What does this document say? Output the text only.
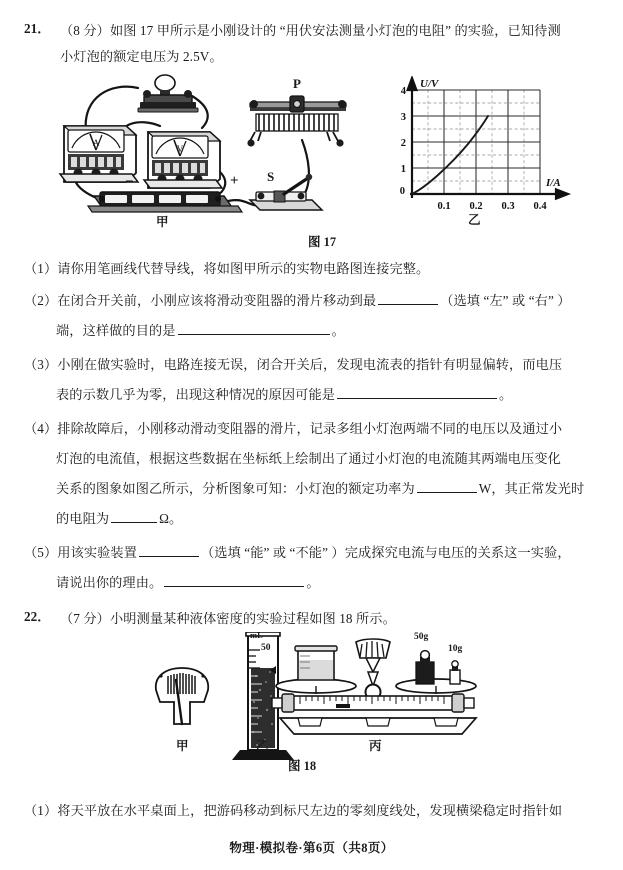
21． （8 分）如图 17 甲所示是小刚设计的 “用伏安法测量小灯泡的电阻” 的实验，已知待测
小灯泡的额定电压为 2.5V。
A
V
−	+
P
S
甲
图 17
0
1
2
3
4
0.1 0.2 0.3 0.4
U/V
I/A
乙
（1）请你用笔画线代替导线，将如图甲所示的实物电路图连接完整。
（2）在闭合开关前，小刚应该将滑动变阻器的滑片移动到最	（选填 “左” 或 “右” ）
端，这样做的目的是	。
（3）小刚在做实验时，电路连接无误，闭合开关后，发现电流表的指针有明显偏转，而电压
表的示数几乎为零，出现这种情况的原因可能是	。
（4）排除故障后，小刚移动滑动变阻器的滑片，记录多组小灯泡两端不同的电压以及通过小
灯泡的电流值，根据这些数据在坐标纸上绘制出了通过小灯泡的电流随其两端电压变化
关系的图象如图乙所示，分析图象可知：小灯泡的额定功率为	W，其正常发光时
的电阻为	Ω。
（5）用该实验装置	（选填 “能” 或 “不能” ）完成探究电流与电压的关系这一实验，
请说出你的理由。	。
22． （7 分）小明测量某种液体密度的实验过程如图 18 所示。
mL
50
50g
10g
甲	乙	丙
图 18
（1）将天平放在水平桌面上，把游码移动到标尺左边的零刻度线处，发现横梁稳定时指针如
物理·模拟卷·第6页（共8页）
